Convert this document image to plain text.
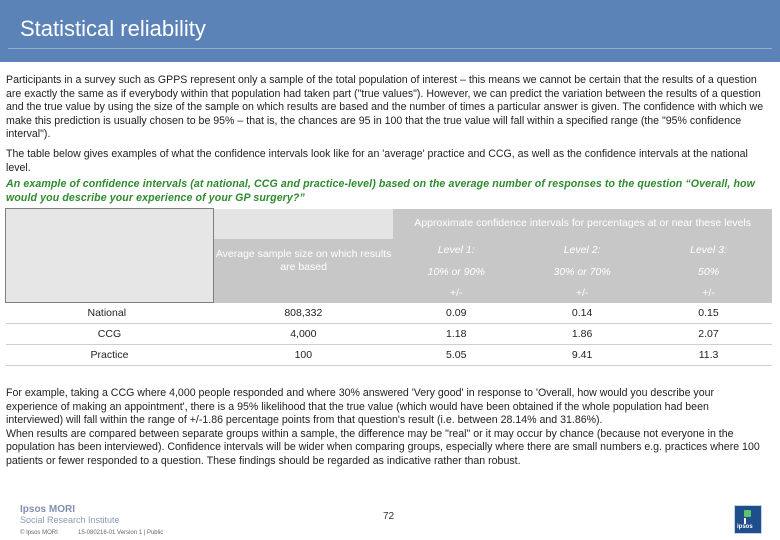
Statistical reliability

Participants in a survey such as GPPS represent only a sample of the total population of interest – this means we cannot be certain that the results of a question are exactly the same as if everybody within that population had taken part ("true values"). However, we can predict the variation between the results of a question and the true value by using the size of the sample on which results are based and the number of times a particular answer is given. The confidence with which we make this prediction is usually chosen to be 95% – that is, the chances are 95 in 100 that the true value will fall within a specified range (the "95% confidence interval").

The table below gives examples of what the confidence intervals look like for an 'average' practice and CCG, as well as the confidence intervals at the national level.

An example of confidence intervals (at national, CCG and practice-level) based on the average number of responses to the question “Overall, how would you describe your experience of your GP surgery?”

		Approximate confidence intervals for percentages at or near these levels		
	Average sample size on which results are based	Level 1:	Level 2:	Level 3:
		10% or 90%	30% or 70%	50%
		+/-	+/-	+/-
National	808,332	0.09	0.14	0.15
CCG	4,000	1.18	1.86	2.07
Practice	100	5.05	9.41	11.3
For example, taking a CCG where 4,000 people responded and where 30% answered 'Very good' in response to 'Overall, how would you describe your experience of making an appointment', there is a 95% likelihood that the true value (which would have been obtained if the whole population had been interviewed) will fall within the range of +/-1.86 percentage points from that question's result (i.e. between 28.14% and 31.86%).
When results are compared between separate groups within a sample, the difference may be "real" or it may occur by chance (because not everyone in the population has been interviewed). Confidence intervals will be wider when comparing groups, especially where there are small numbers e.g. practices where 100 patients or fewer responded to a question. These findings should be regarded as indicative rather than robust.
Ipsos MORI
Social Research Institute
© Ipsos MORI	15-080216-01 Version 1 | Public
72
ipsos
